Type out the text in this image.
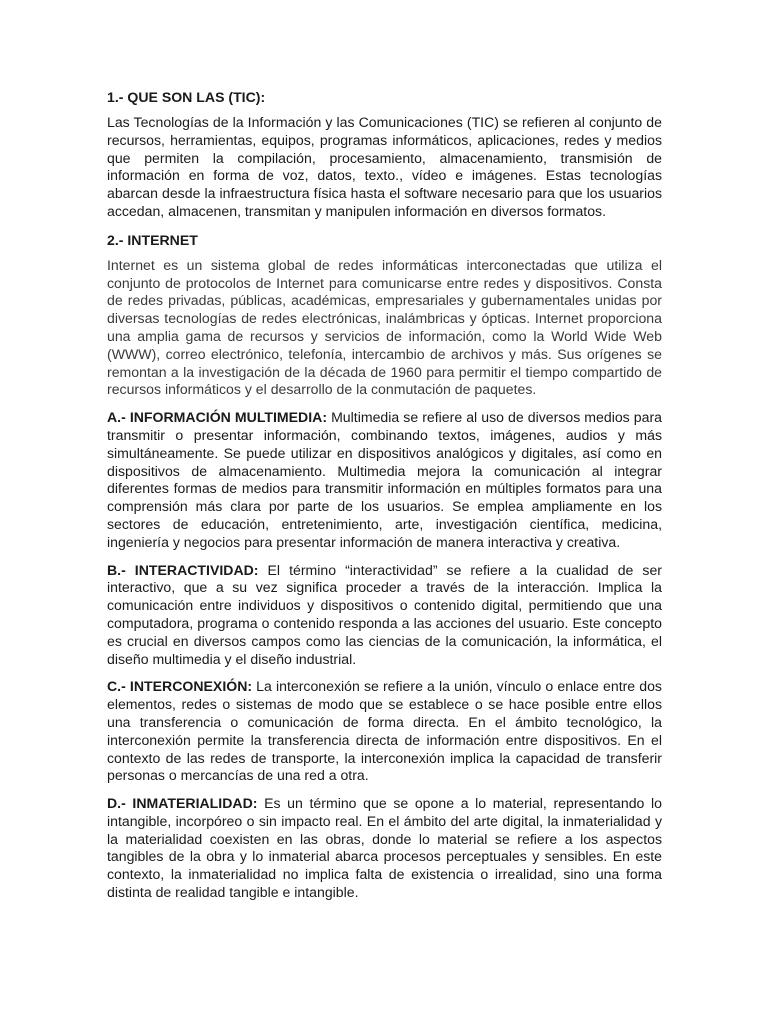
1.- QUE SON LAS (TIC):

Las Tecnologías de la Información y las Comunicaciones (TIC) se refieren al conjunto de recursos, herramientas, equipos, programas informáticos, aplicaciones, redes y medios que permiten la compilación, procesamiento, almacenamiento, transmisión de información en forma de voz, datos, texto., vídeo e imágenes. Estas tecnologías abarcan desde la infraestructura física hasta el software necesario para que los usuarios accedan, almacenen, transmitan y manipulen información en diversos formatos.

2.- INTERNET

Internet es un sistema global de redes informáticas interconectadas que utiliza el conjunto de protocolos de Internet para comunicarse entre redes y dispositivos. Consta de redes privadas, públicas, académicas, empresariales y gubernamentales unidas por diversas tecnologías de redes electrónicas, inalámbricas y ópticas. Internet proporciona una amplia gama de recursos y servicios de información, como la World Wide Web (WWW), correo electrónico, telefonía, intercambio de archivos y más. Sus orígenes se remontan a la investigación de la década de 1960 para permitir el tiempo compartido de recursos informáticos y el desarrollo de la conmutación de paquetes.

A.- INFORMACIÓN MULTIMEDIA: Multimedia se refiere al uso de diversos medios para transmitir o presentar información, combinando textos, imágenes, audios y más simultáneamente. Se puede utilizar en dispositivos analógicos y digitales, así como en dispositivos de almacenamiento. Multimedia mejora la comunicación al integrar diferentes formas de medios para transmitir información en múltiples formatos para una comprensión más clara por parte de los usuarios. Se emplea ampliamente en los sectores de educación, entretenimiento, arte, investigación científica, medicina, ingeniería y negocios para presentar información de manera interactiva y creativa.

B.- INTERACTIVIDAD: El término “interactividad” se refiere a la cualidad de ser interactivo, que a su vez significa proceder a través de la interacción. Implica la comunicación entre individuos y dispositivos o contenido digital, permitiendo que una computadora, programa o contenido responda a las acciones del usuario. Este concepto es crucial en diversos campos como las ciencias de la comunicación, la informática, el diseño multimedia y el diseño industrial.

C.- INTERCONEXIÓN: La interconexión se refiere a la unión, vínculo o enlace entre dos elementos, redes o sistemas de modo que se establece o se hace posible entre ellos una transferencia o comunicación de forma directa. En el ámbito tecnológico, la interconexión permite la transferencia directa de información entre dispositivos. En el contexto de las redes de transporte, la interconexión implica la capacidad de transferir personas o mercancías de una red a otra.

D.- INMATERIALIDAD: Es un término que se opone a lo material, representando lo intangible, incorpóreo o sin impacto real. En el ámbito del arte digital, la inmaterialidad y la materialidad coexisten en las obras, donde lo material se refiere a los aspectos tangibles de la obra y lo inmaterial abarca procesos perceptuales y sensibles. En este contexto, la inmaterialidad no implica falta de existencia o irrealidad, sino una forma distinta de realidad tangible e intangible.
